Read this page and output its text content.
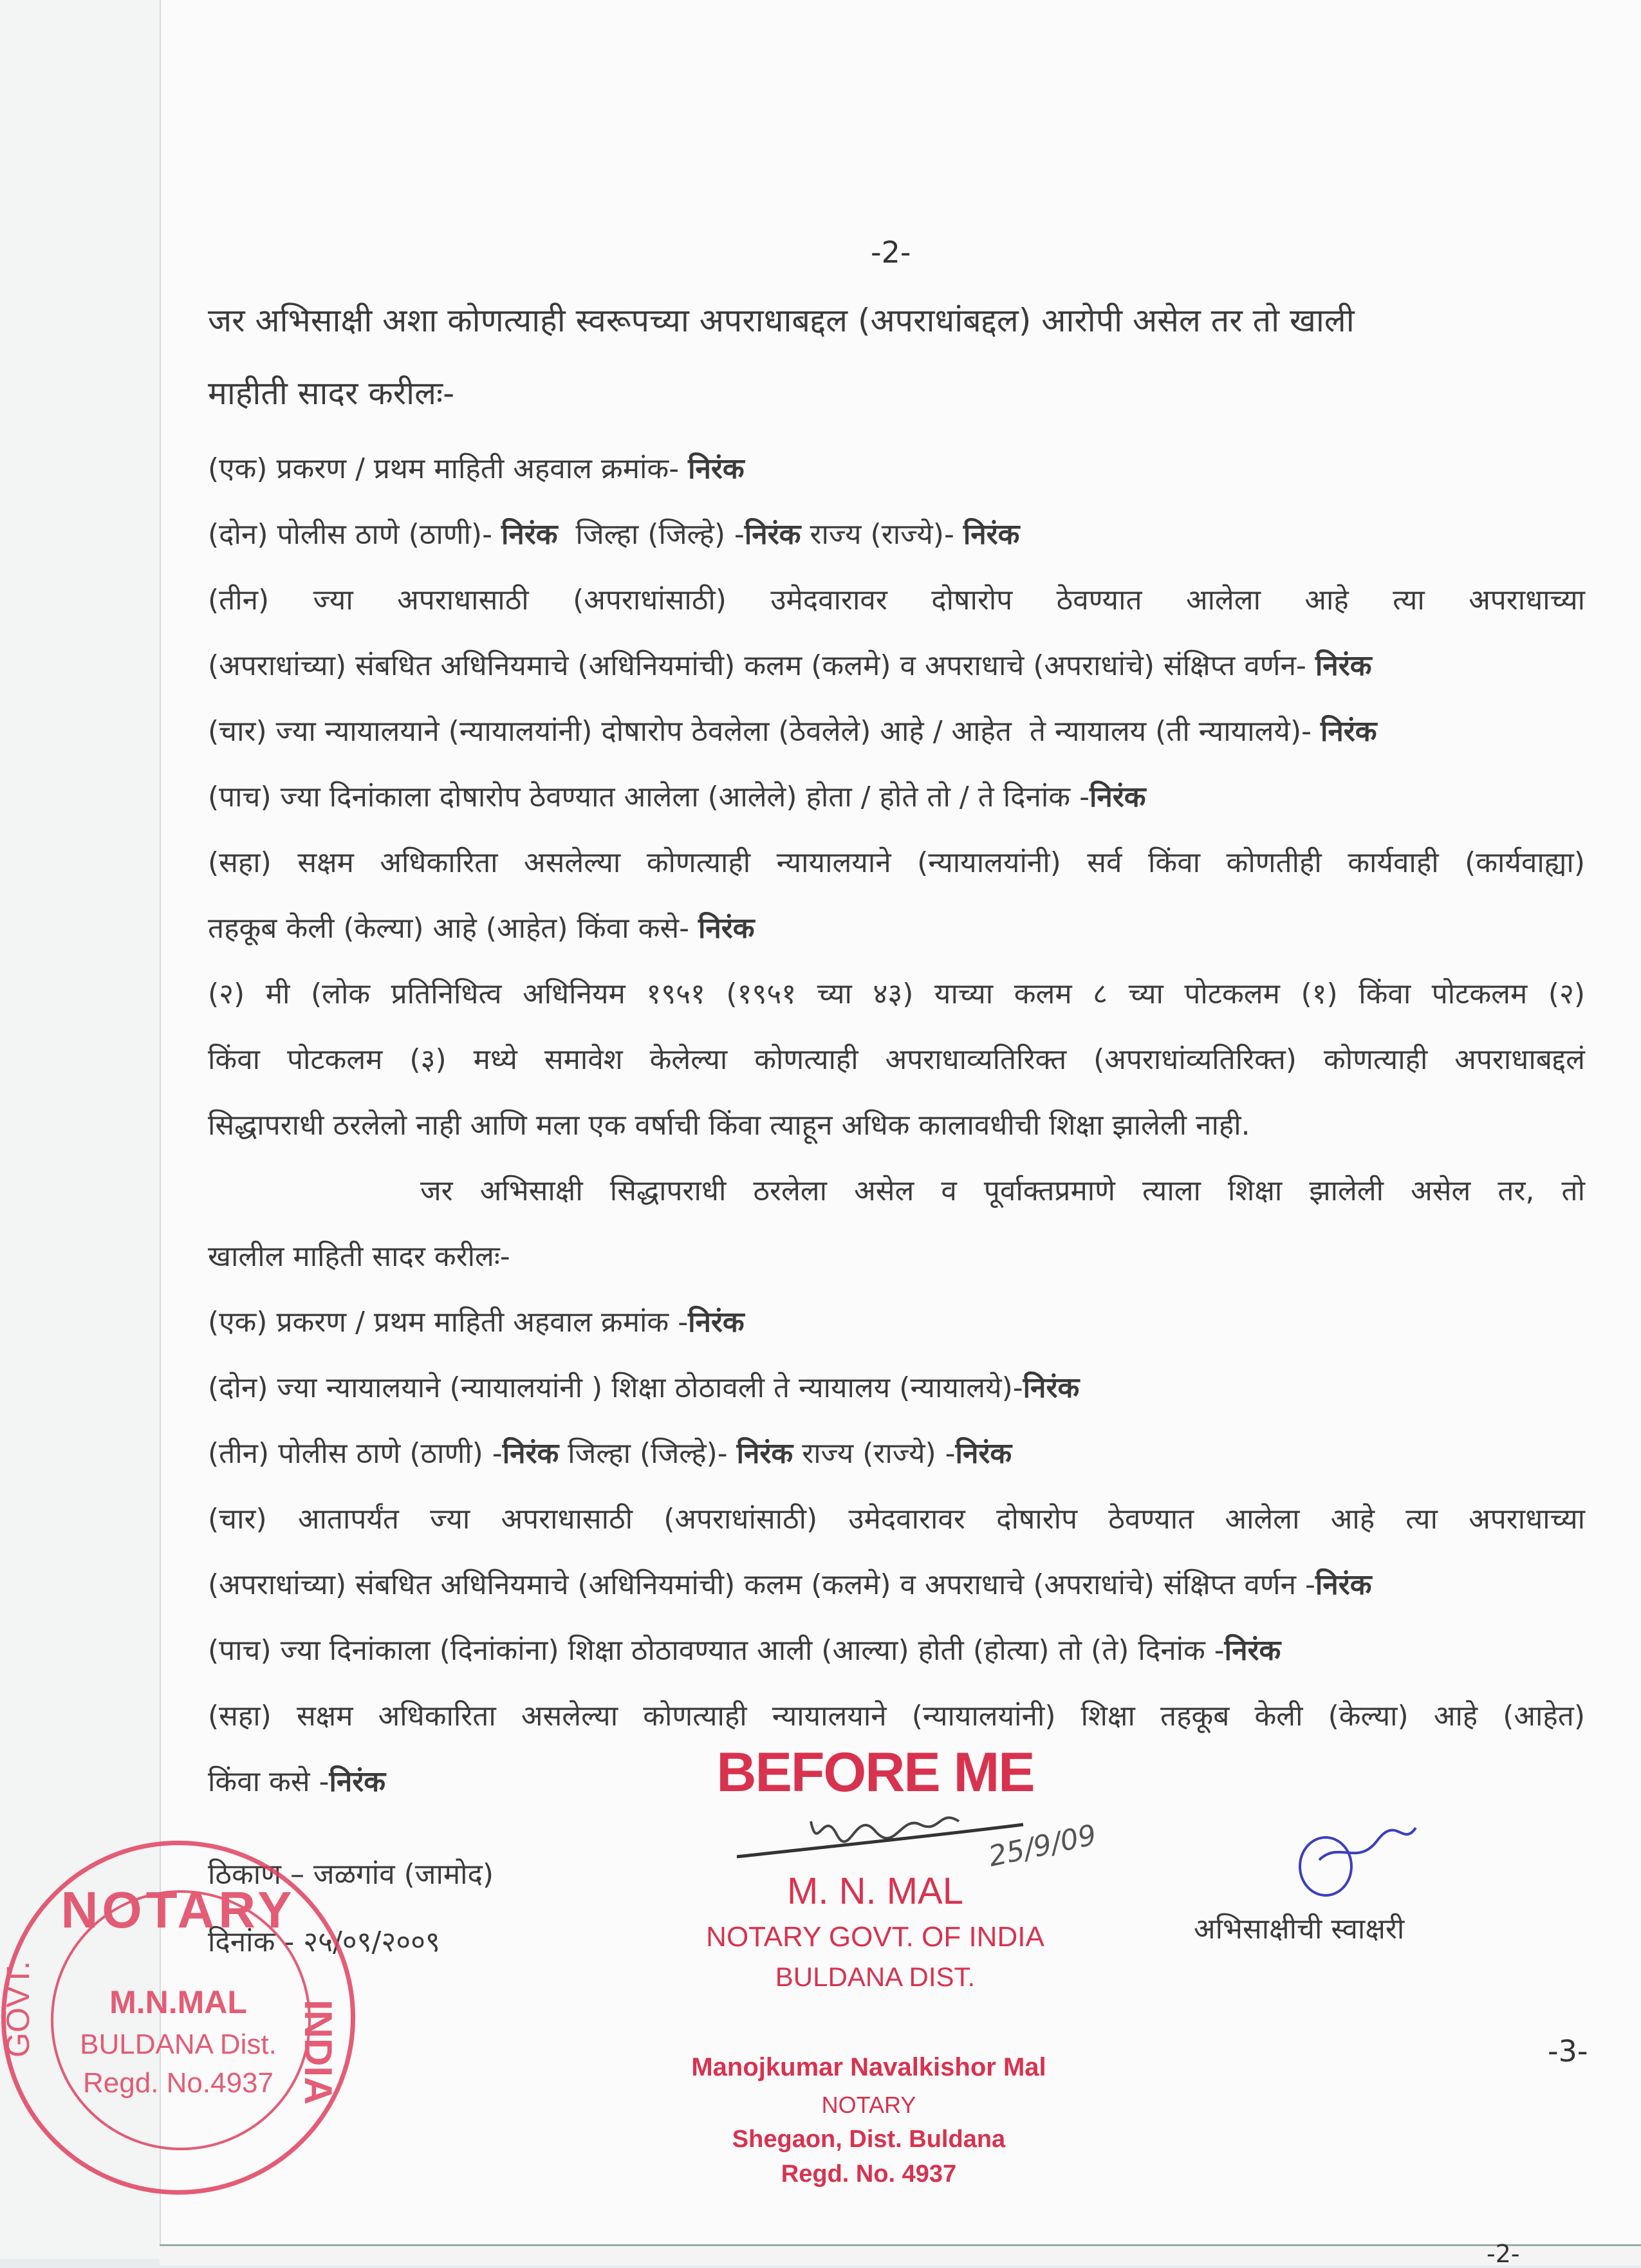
-2-
-2-
जर अभिसाक्षी अशा कोणत्याही स्वरूपच्या अपराधाबद्दल (अपराधांबद्दल) आरोपी असेल तर तो खाली
माहीती सादर करीलः-
(एक) प्रकरण / प्रथम माहिती अहवाल क्रमांक- निरंक
(दोन) पोलीस ठाणे (ठाणी)- निरंक  जिल्हा (जिल्हे) -निरंक राज्य (राज्ये)- निरंक
(तीन) ज्या अपराधासाठी (अपराधांसाठी) उमेदवारावर दोषारोप ठेवण्यात आलेला आहे त्या अपराधाच्या
(अपराधांच्या) संबधित अधिनियमाचे (अधिनियमांची) कलम (कलमे) व अपराधाचे (अपराधांचे) संक्षिप्त वर्णन- निरंक
(चार) ज्या न्यायालयाने (न्यायालयांनी) दोषारोप ठेवलेला (ठेवलेले) आहे / आहेत  ते न्यायालय (ती न्यायालये)- निरंक
(पाच) ज्या दिनांकाला दोषारोप ठेवण्यात आलेला (आलेले) होता / होते तो / ते दिनांक -निरंक
(सहा) सक्षम अधिकारिता असलेल्या कोणत्याही न्यायालयाने (न्यायालयांनी) सर्व किंवा कोणतीही कार्यवाही (कार्यवाह्या)
तहकूब केली (केल्या) आहे (आहेत) किंवा कसे- निरंक
(२) मी (लोक प्रतिनिधित्व अधिनियम १९५१ (१९५१ च्या ४३) याच्या कलम ८ च्या पोटकलम (१) किंवा पोटकलम (२)
किंवा पोटकलम (३) मध्ये समावेश केलेल्या कोणत्याही अपराधाव्यतिरिक्त (अपराधांव्यतिरिक्त) कोणत्याही अपराधाबद्दलं
सिद्धापराधी ठरलेलो नाही आणि मला एक वर्षाची किंवा त्याहून अधिक कालावधीची शिक्षा झालेली नाही.
जर अभिसाक्षी सिद्धापराधी ठरलेला असेल व पूर्वाक्तप्रमाणे त्याला शिक्षा झालेली असेल तर, तो
खालील माहिती सादर करीलः-
(एक) प्रकरण / प्रथम माहिती अहवाल क्रमांक -निरंक
(दोन) ज्या न्यायालयाने (न्यायालयांनी ) शिक्षा ठोठावली ते न्यायालय (न्यायालये)-निरंक
(तीन) पोलीस ठाणे (ठाणी) -निरंक जिल्हा (जिल्हे)- निरंक राज्य (राज्ये) -निरंक
(चार) आतापर्यंत ज्या अपराधासाठी (अपराधांसाठी) उमेदवारावर दोषारोप ठेवण्यात आलेला आहे त्या अपराधाच्या
(अपराधांच्या) संबधित अधिनियमाचे (अधिनियमांची) कलम (कलमे) व अपराधाचे (अपराधांचे) संक्षिप्त वर्णन -निरंक
(पाच) ज्या दिनांकाला (दिनांकांना) शिक्षा ठोठावण्यात आली (आल्या) होती (होत्या) तो (ते) दिनांक -निरंक
(सहा) सक्षम अधिकारिता असलेल्या कोणत्याही न्यायालयाने (न्यायालयांनी) शिक्षा तहकूब केली (केल्या) आहे (आहेत)
किंवा कसे -निरंक
ठिकाण – जळगांव (जामोद)
दिनांक - २५/०९/२००९
BEFORE ME
25/9/09
M. N. MAL
NOTARY GOVT. OF INDIA
BULDANA DIST.
Manojkumar Navalkishor Mal
NOTARY
Shegaon, Dist. Buldana
Regd. No. 4937
अभिसाक्षीची स्वाक्षरी
-3-
NOTARY
INDIA
GOVT.	M.N.MAL
BULDANA Dist.
Regd. No.4937
